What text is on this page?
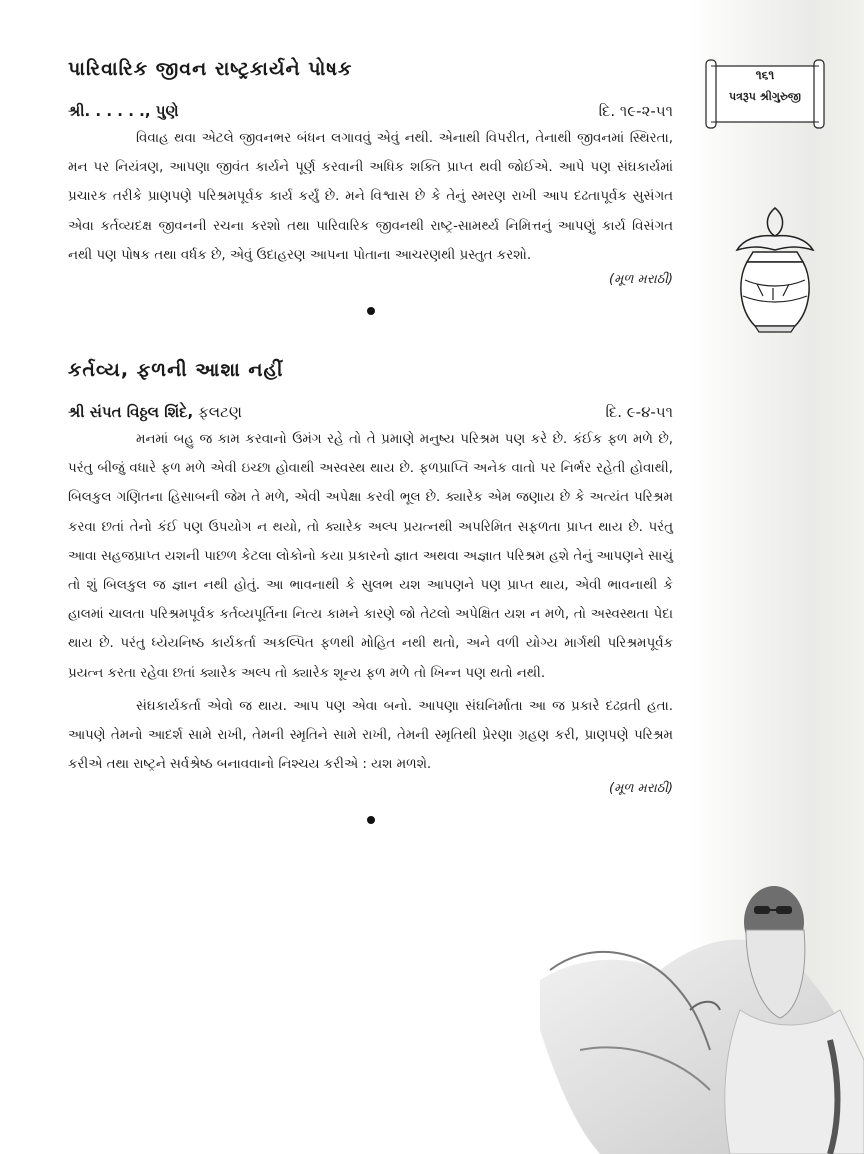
૧૬૧
પત્રરૂપ શ્રીગુરુજી
પારિવારિક જીવન રાષ્ટ્રકાર્યને પોષક
શ્રી. . . . . ., પુણે	દિ. ૧૯-૨-૫૧

વિવાહ થવા એટલે જીવનભર બંધન લગાવવું એવું નથી. એનાથી વિપરીત, તેનાથી જીવનમાં સ્થિરતા, મન પર નિયંત્રણ, આપણા જીવંત કાર્યને પૂર્ણ કરવાની અધિક શક્તિ પ્રાપ્ત થવી જોઈએ. આપે પણ સંઘકાર્યમાં પ્રચારક તરીકે પ્રાણપણે પરિશ્રમપૂર્વક કાર્ય કર્યું છે. મને વિશ્વાસ છે કે તેનું સ્મરણ રાખી આપ દઢતાપૂર્વક સુસંગત એવા કર્તવ્યદક્ષ જીવનની રચના કરશો તથા પારિવારિક જીવનથી રાષ્ટ્ર-સામર્થ્ય નિમિત્તનું આપણું કાર્ય વિસંગત નથી પણ પોષક તથા વર્ધક છે, એવું ઉદાહરણ આપના પોતાના આચરણથી પ્રસ્તુત કરશો.

(મૂળ મરાઠી)
કર્તવ્ય, ફળની આશા નહીં
શ્રી સંપત વિઠ્ઠલ શિંદે, ફલટણ	દિ. ૯-૪-૫૧

મનમાં બહુ જ કામ કરવાનો ઉમંગ રહે તો તે પ્રમાણે મનુષ્ય પરિશ્રમ પણ કરે છે. કંઈક ફળ મળે છે, પરંતુ બીજું વધારે ફળ મળે એવી ઇચ્છા હોવાથી અસ્વસ્થ થાય છે. ફળપ્રાપ્તિ અનેક વાતો પર નિર્ભર રહેતી હોવાથી, બિલકુલ ગણિતના હિસાબની જેમ તે મળે, એવી અપેક્ષા કરવી ભૂલ છે. ક્યારેક એમ જણાય છે કે અત્યંત પરિશ્રમ કરવા છતાં તેનો કંઈ પણ ઉપયોગ ન થયો, તો ક્યારેક અલ્પ પ્રયત્નથી અપરિમિત સફળતા પ્રાપ્ત થાય છે. પરંતુ આવા સહજપ્રાપ્ત યશની પાછળ કેટલા લોકોનો કયા પ્રકારનો જ્ઞાત અથવા અજ્ઞાત પરિશ્રમ હશે તેનું આપણને સાચું તો શું બિલકુલ જ જ્ઞાન નથી હોતું. આ ભાવનાથી કે સુલભ યશ આપણને પણ પ્રાપ્ત થાય, એવી ભાવનાથી કે હાલમાં ચાલતા પરિશ્રમપૂર્વક કર્તવ્યપૂર્તિના નિત્ય કામને કારણે જો તેટલો અપેક્ષિત યશ ન મળે, તો અસ્વસ્થતા પેદા થાય છે. પરંતુ ધ્યેયનિષ્ઠ કાર્યકર્તા અકલ્પિત ફળથી મોહિત નથી થતો, અને વળી યોગ્ય માર્ગથી પરિશ્રમપૂર્વક પ્રયત્ન કરતા રહેવા છતાં ક્યારેક અલ્પ તો ક્યારેક શૂન્ય ફળ મળે તો ખિન્ન પણ થતો નથી.

સંઘકાર્યકર્તા એવો જ થાય. આપ પણ એવા બનો. આપણા સંઘનિર્માતા આ જ પ્રકારે દઢવ્રતી હતા. આપણે તેમનો આદર્શ સામે રાખી, તેમની સ્મૃતિને સામે રાખી, તેમની સ્મૃતિથી પ્રેરણા ગ્રહણ કરી, પ્રાણપણે પરિશ્રમ કરીએ તથા રાષ્ટ્રને સર્વશ્રેષ્ઠ બનાવવાનો નિશ્ચય કરીએ : યશ મળશે.

(મૂળ મરાઠી)
